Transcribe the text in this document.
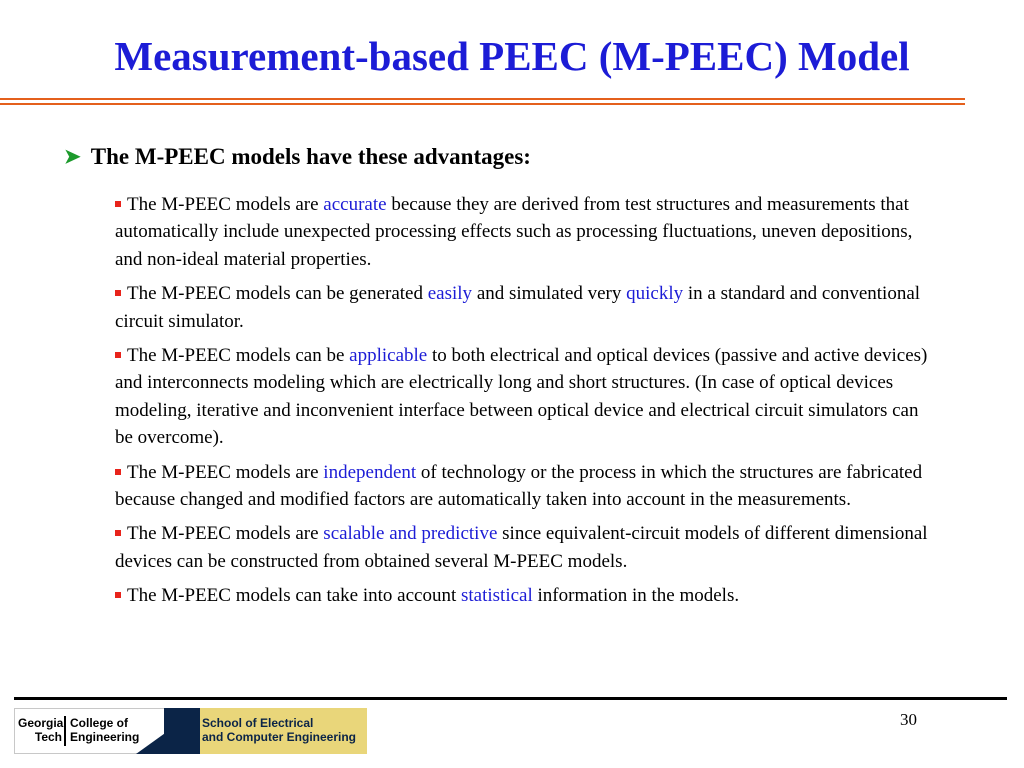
Measurement-based PEEC (M-PEEC) Model
➤ The M-PEEC models have these advantages:
The M-PEEC models are accurate because they are derived from test structures and measurements that automatically include unexpected processing effects such as processing fluctuations, uneven depositions, and non-ideal material properties.
The M-PEEC models can be generated easily and simulated very quickly in a standard and conventional circuit simulator.
The M-PEEC models can be applicable to both electrical and optical devices (passive and active devices) and interconnects modeling which are electrically long and short structures. (In case of optical devices modeling, iterative and inconvenient interface between optical device and electrical circuit simulators can be overcome).
The M-PEEC models are independent of technology or the process in which the structures are fabricated because changed and modified factors are automatically taken into account in the measurements.
The M-PEEC models are scalable and predictive since equivalent-circuit models of different dimensional devices can be constructed from obtained several M-PEEC models.
The M-PEEC models can take into account statistical information in the models.
Georgia
Tech
College of
Engineering
School of Electrical
and Computer Engineering
30
